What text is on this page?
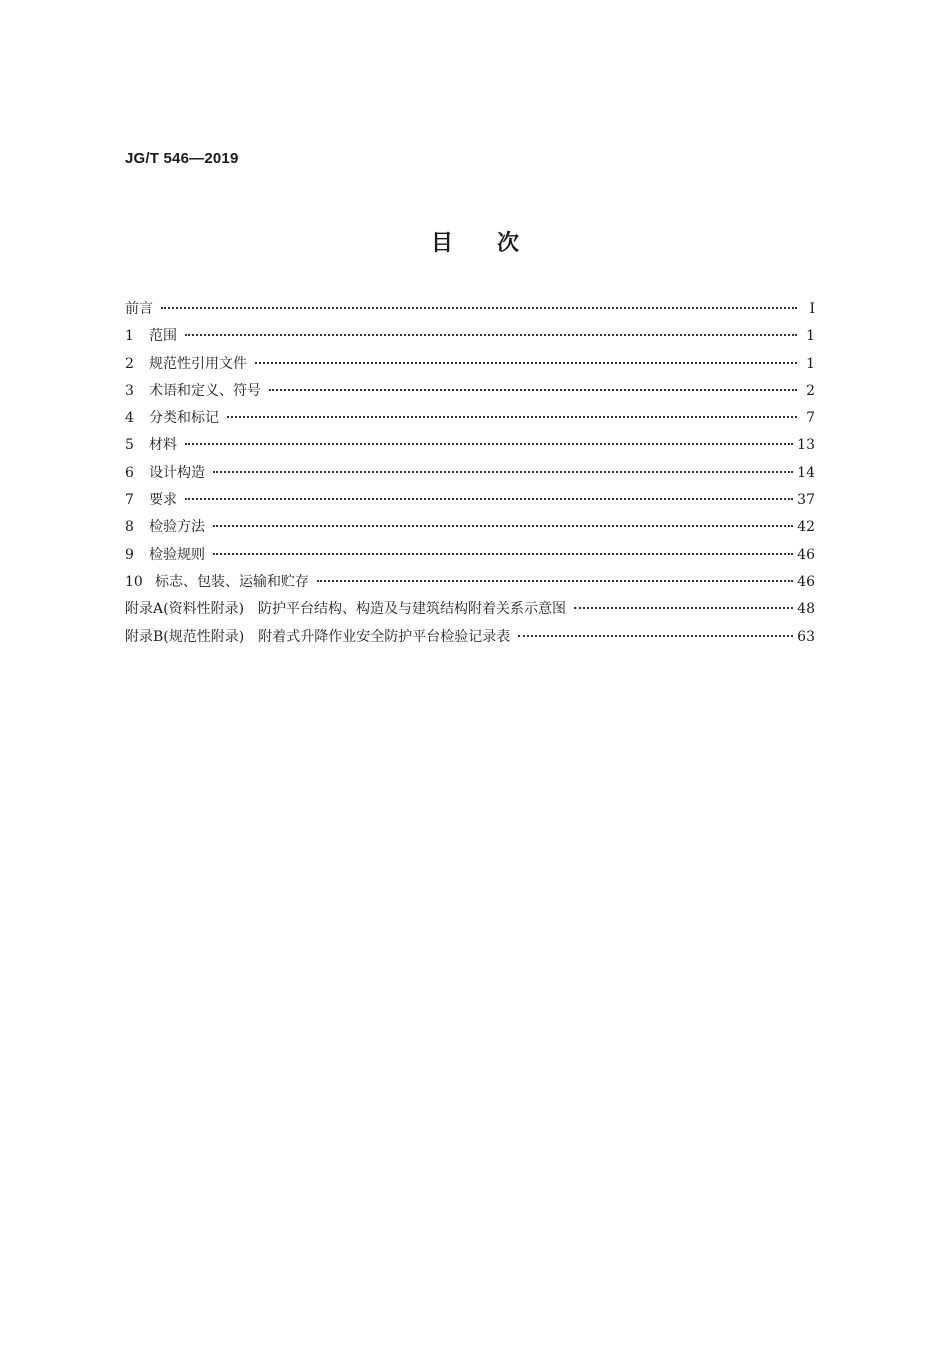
JG/T 546—2019
目次
前言	Ⅰ
1 范围	1
2 规范性引用文件	1
3 术语和定义、符号	2
4 分类和标记	7
5 材料	13
6 设计构造	14
7 要求	37
8 检验方法	42
9 检验规则	46
10 标志、包装、运输和贮存	46
附录A(资料性附录)　防护平台结构、构造及与建筑结构附着关系示意图	48
附录B(规范性附录)　附着式升降作业安全防护平台检验记录表	63
